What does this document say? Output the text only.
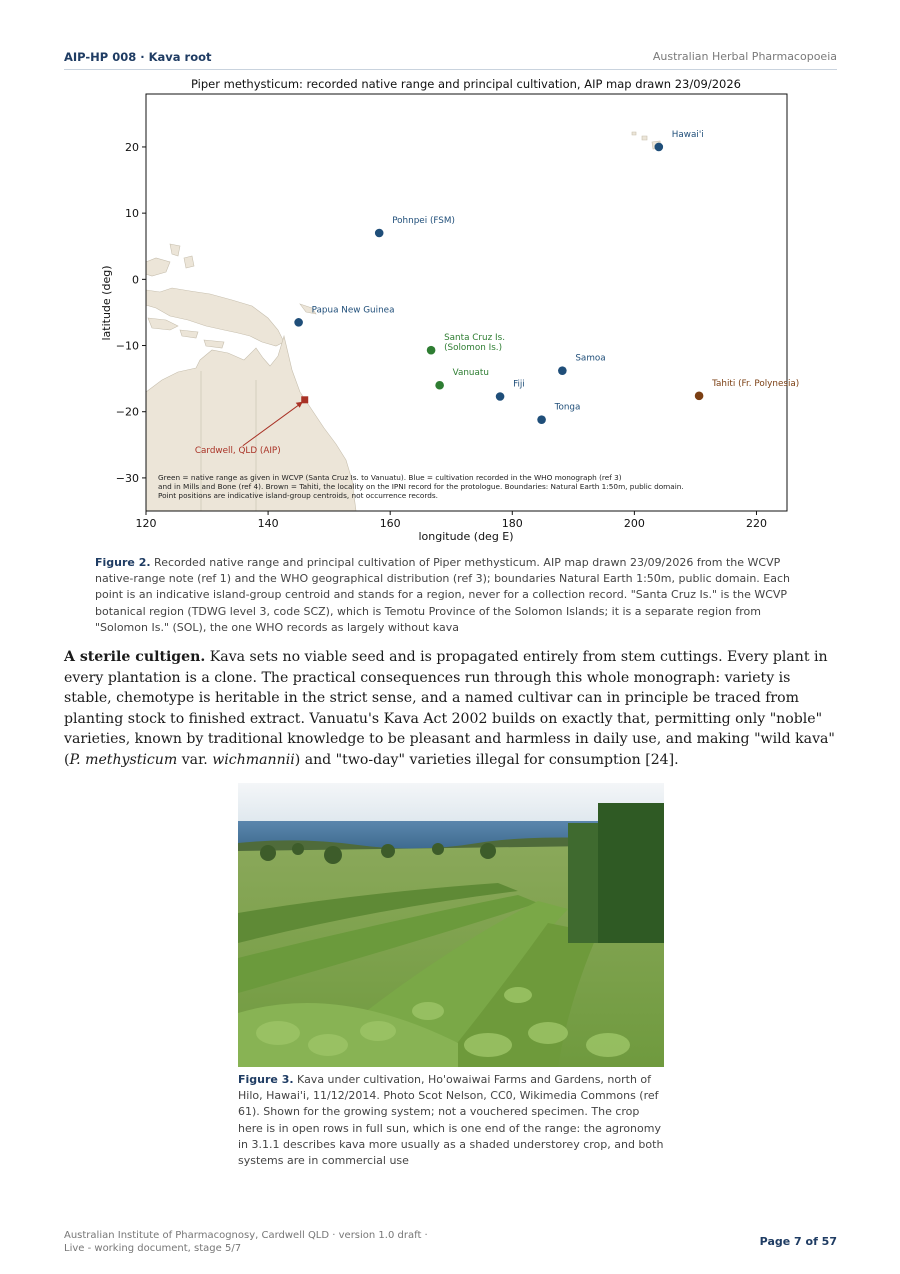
AIP-HP 008 · Kava root	Australian Herbal Pharmacopoeia
Piper methysticum: recorded native range and principal cultivation, AIP map drawn 23/09/2026
120	140	160	180	200	220
20
10
0
−10
−20
−30
Santa Cruz Is.
(Solomon Is.)
Vanuatu
Hawai'i
Pohnpei (FSM)
Papua New Guinea
Samoa
Fiji
Tonga
Tahiti (Fr. Polynesia)
Cardwell, QLD (AIP)
longitude (deg E)
latitude (deg)
Green = native range as given in WCVP (Santa Cruz Is. to Vanuatu). Blue = cultivation recorded in the WHO monograph (ref 3)
and in Mills and Bone (ref 4). Brown = Tahiti, the locality on the IPNI record for the protologue. Boundaries: Natural Earth 1:50m, public domain.
Point positions are indicative island-group centroids, not occurrence records.
Figure 2. Recorded native range and principal cultivation of Piper methysticum. AIP map drawn 23/09/2026 from the WCVP native-range note (ref 1) and the WHO geographical distribution (ref 3); boundaries Natural Earth 1:50m, public domain. Each point is an indicative island-group centroid and stands for a region, never for a collection record. "Santa Cruz Is." is the WCVP botanical region (TDWG level 3, code SCZ), which is Temotu Province of the Solomon Islands; it is a separate region from "Solomon Is." (SOL), the one WHO records as largely without kava
A sterile cultigen. Kava sets no viable seed and is propagated entirely from stem cuttings. Every plant in every plantation is a clone. The practical consequences run through this whole monograph: variety is stable, chemotype is heritable in the strict sense, and a named cultivar can in principle be traced from planting stock to finished extract. Vanuatu's Kava Act 2002 builds on exactly that, permitting only "noble" varieties, known by traditional knowledge to be pleasant and harmless in daily use, and making "wild kava" (P. methysticum var. wichmannii) and "two-day" varieties illegal for consumption [24].
Figure 3. Kava under cultivation, Ho'owaiwai Farms and Gardens, north of Hilo, Hawai'i, 11/12/2014. Photo Scot Nelson, CC0, Wikimedia Commons (ref 61). Shown for the growing system; not a vouchered specimen. The crop here is in open rows in full sun, which is one end of the range: the agronomy in 3.1.1 describes kava more usually as a shaded understorey crop, and both systems are in commercial use
Australian Institute of Pharmacognosy, Cardwell QLD · version 1.0 draft · Live - working document, stage 5/7
Page 7 of 57
